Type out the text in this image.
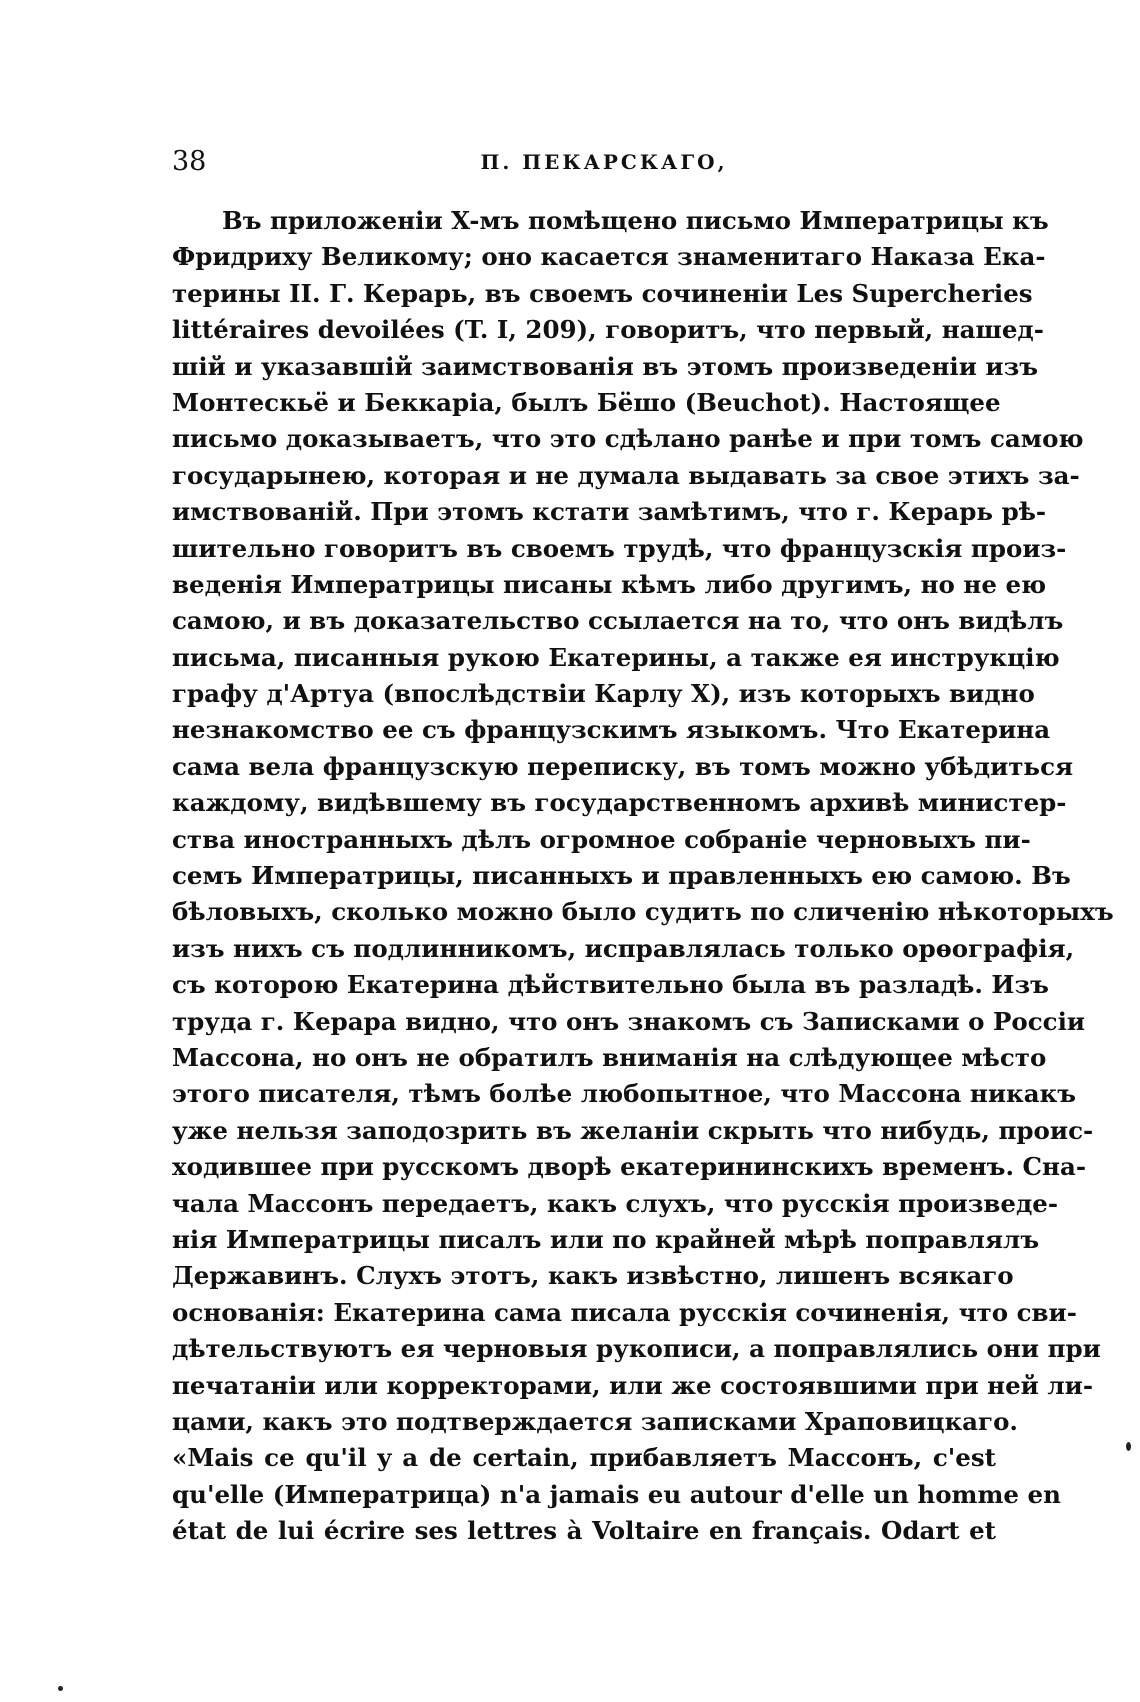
38	П. ПЕКАРСКАГО,
Въ приложенiи X-мъ помѣщено письмо Императрицы къ
Фридриху Великому; оно касается знаменитаго Наказа Ека-
терины II. Г. Керарь, въ своемъ сочиненiи Les Supercheries
littéraires devoilées (T. I, 209), говоритъ, что первый, нашед-
шiй и указавшiй заимствованiя въ этомъ произведенiи изъ
Монтескьё и Беккарiа, былъ Бёшо (Beuchot). Настоящее
письмо доказываетъ, что это сдѣлано ранѣе и при томъ самою
государынею, которая и не думала выдавать за свое этихъ за-
имствованiй. При этомъ кстати замѣтимъ, что г. Керарь рѣ-
шительно говоритъ въ своемъ трудѣ, что французскiя произ-
веденiя Императрицы писаны кѣмъ либо другимъ, но не ею
самою, и въ доказательство ссылается на то, что онъ видѣлъ
письма, писанныя рукою Екатерины, а также ея инструкцiю
графу д'Артуа (впослѣдствiи Карлу X), изъ которыхъ видно
незнакомство ее съ французскимъ языкомъ. Что Екатерина
сама вела французскую переписку, въ томъ можно убѣдиться
каждому, видѣвшему въ государственномъ архивѣ министер-
ства иностранныхъ дѣлъ огромное собранiе черновыхъ пи-
семъ Императрицы, писанныхъ и правленныхъ ею самою. Въ
бѣловыхъ, сколько можно было судить по сличенiю нѣкоторыхъ
изъ нихъ съ подлинникомъ, исправлялась только орѳографiя,
съ которою Екатерина дѣйствительно была въ разладѣ. Изъ
труда г. Керара видно, что онъ знакомъ съ Записками о Россiи
Массона, но онъ не обратилъ вниманiя на слѣдующее мѣсто
этого писателя, тѣмъ болѣе любопытное, что Массона никакъ
уже нельзя заподозрить въ желанiи скрыть что нибудь, проис-
ходившее при русскомъ дворѣ екатерининскихъ временъ. Сна-
чала Массонъ передаетъ, какъ слухъ, что русскiя произведе-
нiя Императрицы писалъ или по крайней мѣрѣ поправлялъ
Державинъ. Слухъ этотъ, какъ извѣстно, лишенъ всякаго
основанiя: Екатерина сама писала русскiя сочиненiя, что сви-
дѣтельствуютъ ея черновыя рукописи, а поправлялись они при
печатанiи или корректорами, или же состоявшими при ней ли-
цами, какъ это подтверждается записками Храповицкаго.
«Mais ce qu'il y a de certain, прибавляетъ Массонъ, c'est
qu'elle (Императрица) n'a jamais eu autour d'elle un homme en
état de lui écrire ses lettres à Voltaire en français. Odart et
